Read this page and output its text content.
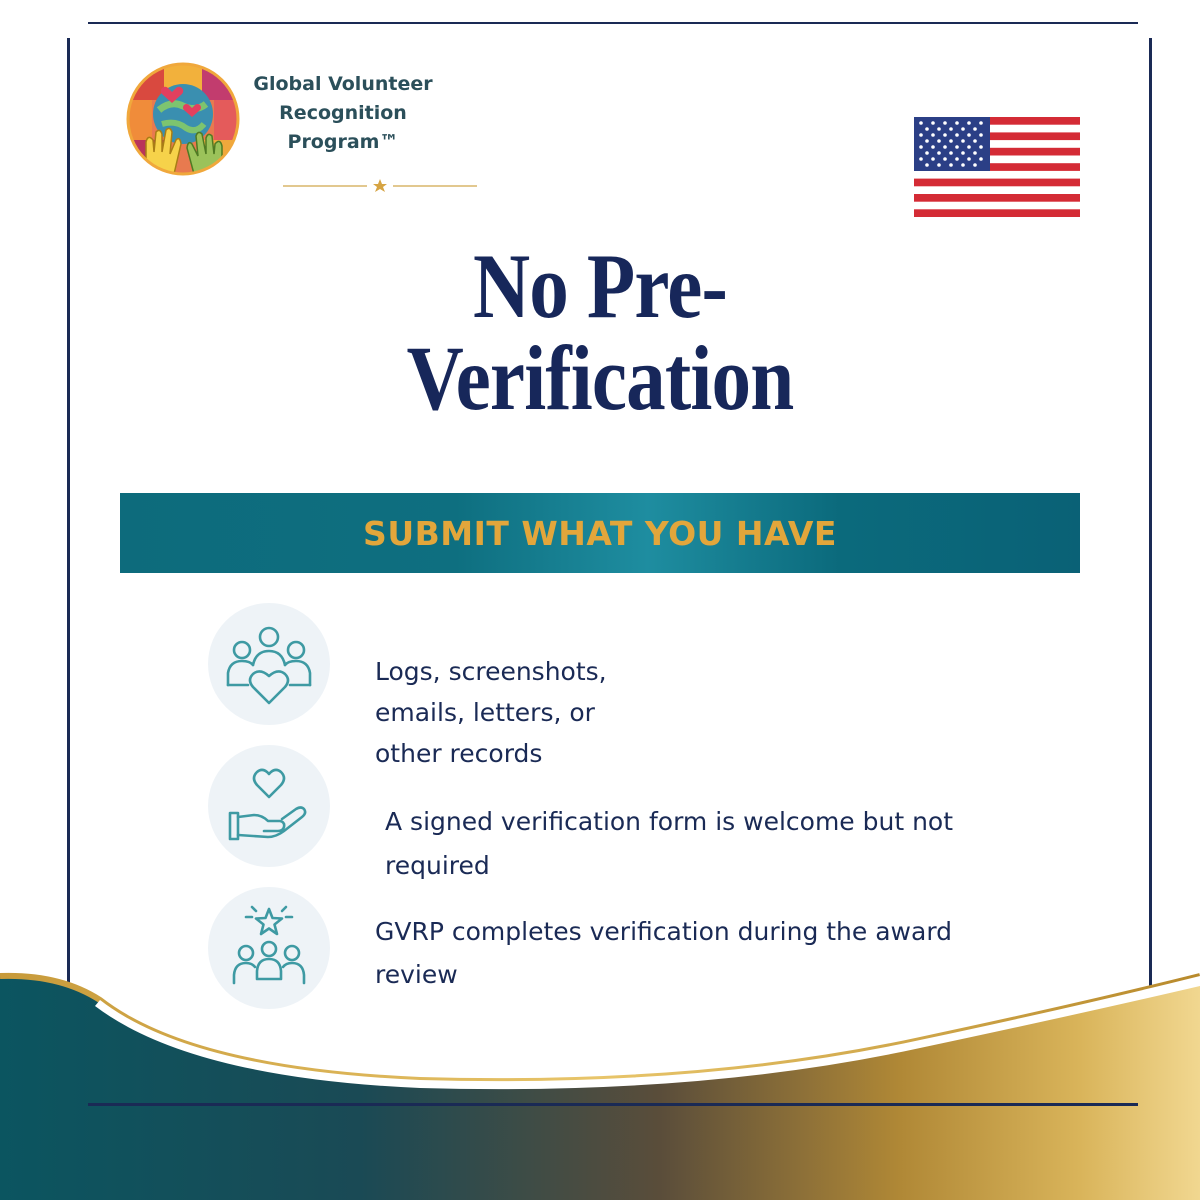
Global Volunteer
Recognition
Program™
No Pre-
Verification
SUBMIT WHAT YOU HAVE
Logs, screenshots,
emails, letters, or
other records
A signed verification form is welcome but not
required
GVRP completes verification during the award
review
